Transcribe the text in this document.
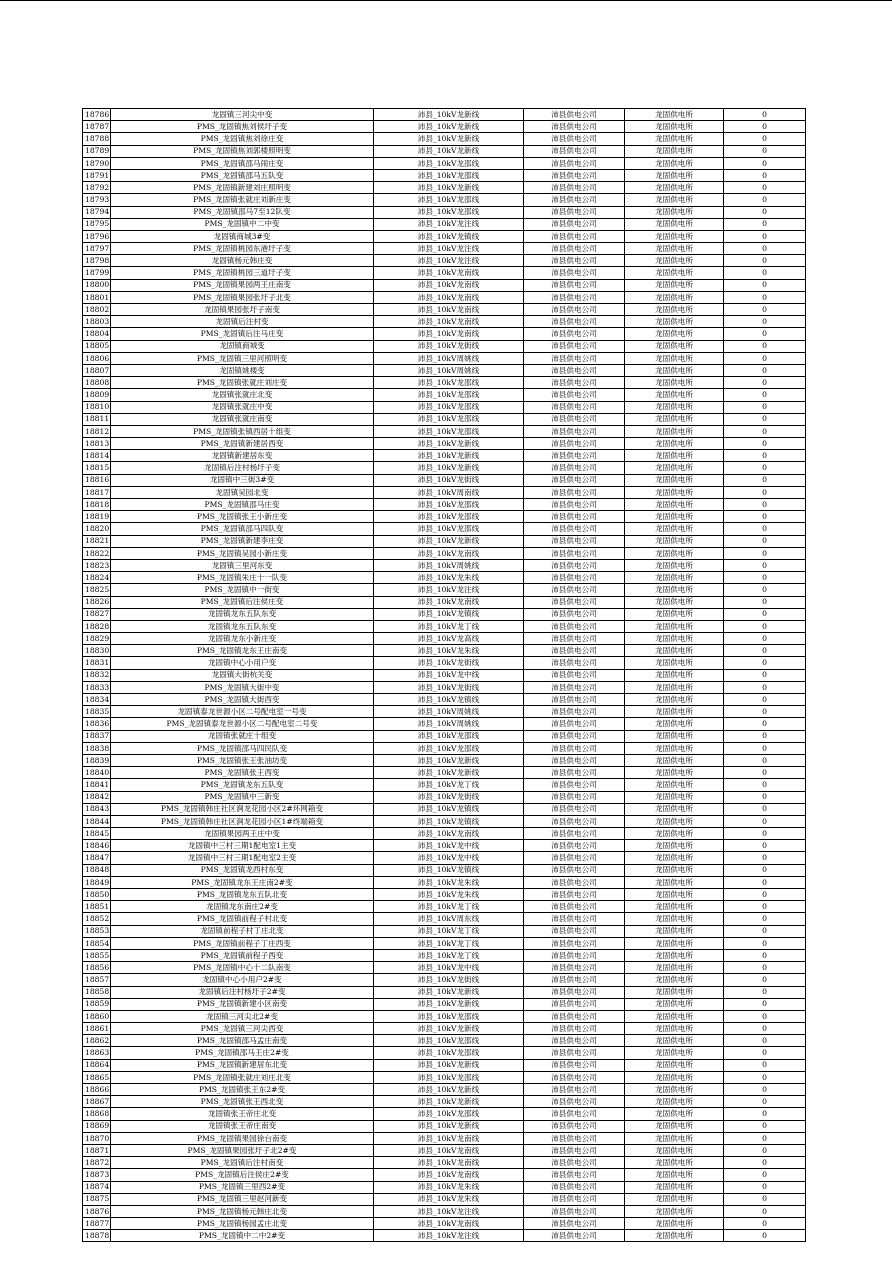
18786	龙固镇三河尖中变	沛县_10kV龙新线	沛县供电公司	龙固供电所	0
18787	PMS_龙固镇焦刘侯圩子变	沛县_10kV龙新线	沛县供电公司	龙固供电所	0
18788	PMS_龙固镇焦刘徐庄变	沛县_10kV龙新线	沛县供电公司	龙固供电所	0
18789	PMS_龙固镇焦刘郭楼照明变	沛县_10kV龙新线	沛县供电公司	龙固供电所	0
18790	PMS_龙固镇邵马闹庄变	沛县_10kV龙邵线	沛县供电公司	龙固供电所	0
18791	PMS_龙固镇邵马五队变	沛县_10kV龙邵线	沛县供电公司	龙固供电所	0
18792	PMS_龙固镇新建刘庄照明变	沛县_10kV龙新线	沛县供电公司	龙固供电所	0
18793	PMS_龙固镇张就庄刘新庄变	沛县_10kV龙邵线	沛县供电公司	龙固供电所	0
18794	PMS_龙固镇邵马7至12队变	沛县_10kV龙邵线	沛县供电公司	龙固供电所	0
18795	PMS_龙固镇中二中变	沛县_10kV龙注线	沛县供电公司	龙固供电所	0
18796	龙固镇商城3#变	沛县_10kV龙镇线	沛县供电公司	龙固供电所	0
18797	PMS_龙固镇桃园东港圩子变	沛县_10kV龙注线	沛县供电公司	龙固供电所	0
18798	龙固镇杨元韩庄变	沛县_10kV龙注线	沛县供电公司	龙固供电所	0
18799	PMS_龙固镇桃园三道圩子变	沛县_10kV龙南线	沛县供电公司	龙固供电所	0
18800	PMS_龙固镇果园两王庄南变	沛县_10kV龙南线	沛县供电公司	龙固供电所	0
18801	PMS_龙固镇果园张圩子北变	沛县_10kV龙南线	沛县供电公司	龙固供电所	0
18802	龙固镇果园张圩子南变	沛县_10kV龙南线	沛县供电公司	龙固供电所	0
18803	龙固镇后注村变	沛县_10kV龙南线	沛县供电公司	龙固供电所	0
18804	PMS_龙固镇后注马庄变	沛县_10kV龙南线	沛县供电公司	龙固供电所	0
18805	龙固镇商城变	沛县_10kV龙街线	沛县供电公司	龙固供电所	0
18806	PMS_龙固镇三里河照明变	沛县_10kV周姚线	沛县供电公司	龙固供电所	0
18807	龙固镇姚楼变	沛县_10kV周姚线	沛县供电公司	龙固供电所	0
18808	PMS_龙固镇张就庄刘庄变	沛县_10kV龙邵线	沛县供电公司	龙固供电所	0
18809	龙固镇张就庄北变	沛县_10kV龙邵线	沛县供电公司	龙固供电所	0
18810	龙固镇张就庄中变	沛县_10kV龙邵线	沛县供电公司	龙固供电所	0
18811	龙固镇张就庄南变	沛县_10kV龙邵线	沛县供电公司	龙固供电所	0
18812	PMS_龙固镇张镇西居十组变	沛县_10kV龙邵线	沛县供电公司	龙固供电所	0
18813	PMS_龙固镇新建居西变	沛县_10kV龙新线	沛县供电公司	龙固供电所	0
18814	龙固镇新建居东变	沛县_10kV龙新线	沛县供电公司	龙固供电所	0
18815	龙固镇后注村杨圩子变	沛县_10kV龙新线	沛县供电公司	龙固供电所	0
18816	龙固镇中三街3#变	沛县_10kV龙街线	沛县供电公司	龙固供电所	0
18817	龙固镇吴园北变	沛县_10kV周南线	沛县供电公司	龙固供电所	0
18818	PMS_龙固镇邵马庄变	沛县_10kV龙邵线	沛县供电公司	龙固供电所	0
18819	PMS_龙固镇张王小新庄变	沛县_10kV龙邵线	沛县供电公司	龙固供电所	0
18820	PMS_龙固镇邵马四队变	沛县_10kV龙邵线	沛县供电公司	龙固供电所	0
18821	PMS_龙固镇新建李庄变	沛县_10kV龙新线	沛县供电公司	龙固供电所	0
18822	PMS_龙固镇吴园小新庄变	沛县_10kV龙南线	沛县供电公司	龙固供电所	0
18823	龙固镇三里河东变	沛县_10kV周姚线	沛县供电公司	龙固供电所	0
18824	PMS_龙固镇朱庄十一队变	沛县_10kV龙朱线	沛县供电公司	龙固供电所	0
18825	PMS_龙固镇中一街变	沛县_10kV龙注线	沛县供电公司	龙固供电所	0
18826	PMS_龙固镇后注侯庄变	沛县_10kV龙南线	沛县供电公司	龙固供电所	0
18827	龙固镇龙东五队东变	沛县_10kV龙镇线	沛县供电公司	龙固供电所	0
18828	龙固镇龙东五队东变	沛县_10kV龙丁线	沛县供电公司	龙固供电所	0
18829	龙固镇龙东小新庄变	沛县_10kV龙高线	沛县供电公司	龙固供电所	0
18830	PMS_龙固镇龙东王庄南变	沛县_10kV龙朱线	沛县供电公司	龙固供电所	0
18831	龙固镇中心小用户变	沛县_10kV龙街线	沛县供电公司	龙固供电所	0
18832	龙固镇大街杭关变	沛县_10kV龙中线	沛县供电公司	龙固供电所	0
18833	PMS_龙固镇大街中变	沛县_10kV龙街线	沛县供电公司	龙固供电所	0
18834	PMS_龙固镇大街西变	沛县_10kV龙镇线	沛县供电公司	龙固供电所	0
18835	龙固镇泰龙世源小区二号配电室一号变	沛县_10kV周姚线	沛县供电公司	龙固供电所	0
18836	PMS_龙固镇泰龙世源小区二号配电室二号变	沛县_10kV周姚线	沛县供电公司	龙固供电所	0
18837	龙固镇张就庄十组变	沛县_10kV龙邵线	沛县供电公司	龙固供电所	0
18838	PMS_龙固镇邵马四民队变	沛县_10kV龙邵线	沛县供电公司	龙固供电所	0
18839	PMS_龙固镇张王张油坊变	沛县_10kV龙新线	沛县供电公司	龙固供电所	0
18840	PMS_龙固镇张王西变	沛县_10kV龙新线	沛县供电公司	龙固供电所	0
18841	PMS_龙固镇龙东五队变	沛县_10kV龙丁线	沛县供电公司	龙固供电所	0
18842	PMS_龙固镇中三新变	沛县_10kV龙街线	沛县供电公司	龙固供电所	0
18843	PMS_龙固镇韩庄社区涧龙花园小区2#环网箱变	沛县_10kV龙镇线	沛县供电公司	龙固供电所	0
18844	PMS_龙固镇韩庄社区涧龙花园小区1#终端箱变	沛县_10kV龙镇线	沛县供电公司	龙固供电所	0
18845	龙固镇果园两王庄中变	沛县_10kV龙南线	沛县供电公司	龙固供电所	0
18846	龙固镇中三村三期1配电室1主变	沛县_10kV龙中线	沛县供电公司	龙固供电所	0
18847	龙固镇中三村三期1配电室2主变	沛县_10kV龙中线	沛县供电公司	龙固供电所	0
18848	PMS_龙固镇龙西村东变	沛县_10kV龙镇线	沛县供电公司	龙固供电所	0
18849	PMS_龙固镇龙东王庄南2#变	沛县_10kV龙朱线	沛县供电公司	龙固供电所	0
18850	PMS_龙固镇龙东五队北变	沛县_10kV龙朱线	沛县供电公司	龙固供电所	0
18851	龙固镇龙东南庄2#变	沛县_10kV龙丁线	沛县供电公司	龙固供电所	0
18852	PMS_龙固镇前程子村北变	沛县_10kV周东线	沛县供电公司	龙固供电所	0
18853	龙固镇前程子村丁庄北变	沛县_10kV龙丁线	沛县供电公司	龙固供电所	0
18854	PMS_龙固镇前程子丁庄西变	沛县_10kV龙丁线	沛县供电公司	龙固供电所	0
18855	PMS_龙固镇前程子西变	沛县_10kV龙丁线	沛县供电公司	龙固供电所	0
18856	PMS_龙固镇中心十二队南变	沛县_10kV龙中线	沛县供电公司	龙固供电所	0
18857	龙固镇中心小用户2#变	沛县_10kV龙街线	沛县供电公司	龙固供电所	0
18858	龙固镇后注村杨圩子2#变	沛县_10kV龙新线	沛县供电公司	龙固供电所	0
18859	PMS_龙固镇新建小区南变	沛县_10kV龙新线	沛县供电公司	龙固供电所	0
18860	龙固镇三河尖北2#变	沛县_10kV龙邵线	沛县供电公司	龙固供电所	0
18861	PMS_龙固镇三河尖西变	沛县_10kV龙新线	沛县供电公司	龙固供电所	0
18862	PMS_龙固镇邵马孟庄南变	沛县_10kV龙邵线	沛县供电公司	龙固供电所	0
18863	PMS_龙固镇邵马王庄2#变	沛县_10kV龙邵线	沛县供电公司	龙固供电所	0
18864	PMS_龙固镇新建居东北变	沛县_10kV龙新线	沛县供电公司	龙固供电所	0
18865	PMS_龙固镇张就庄刘庄北变	沛县_10kV龙邵线	沛县供电公司	龙固供电所	0
18866	PMS_龙固镇张王东2#变	沛县_10kV龙新线	沛县供电公司	龙固供电所	0
18867	PMS_龙固镇张王西北变	沛县_10kV龙新线	沛县供电公司	龙固供电所	0
18868	龙固镇张王帝庄北变	沛县_10kV龙邵线	沛县供电公司	龙固供电所	0
18869	龙固镇张王帝庄南变	沛县_10kV龙新线	沛县供电公司	龙固供电所	0
18870	PMS_龙固镇果园徐台南变	沛县_10kV龙南线	沛县供电公司	龙固供电所	0
18871	PMS_龙固镇果园张圩子北2#变	沛县_10kV龙南线	沛县供电公司	龙固供电所	0
18872	PMS_龙固镇后注村南变	沛县_10kV龙南线	沛县供电公司	龙固供电所	0
18873	PMS_龙固镇后注侯庄2#变	沛县_10kV龙南线	沛县供电公司	龙固供电所	0
18874	PMS_龙固镇三里西2#变	沛县_10kV龙朱线	沛县供电公司	龙固供电所	0
18875	PMS_龙固镇三里赵河新变	沛县_10kV龙朱线	沛县供电公司	龙固供电所	0
18876	PMS_龙固镇杨元韩庄北变	沛县_10kV龙注线	沛县供电公司	龙固供电所	0
18877	PMS_龙固镇杨园孟庄北变	沛县_10kV龙南线	沛县供电公司	龙固供电所	0
18878	PMS_龙固镇中二中2#变	沛县_10kV龙注线	沛县供电公司	龙固供电所	0
